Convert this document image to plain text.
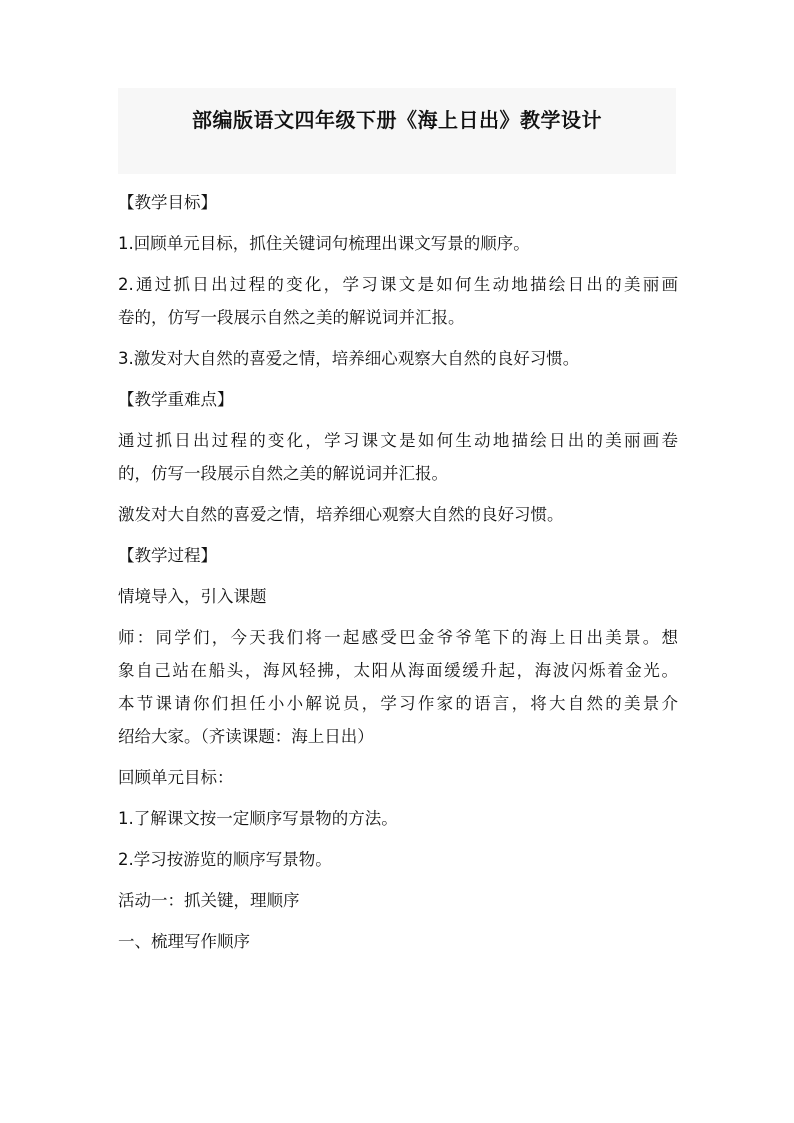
部编版语文四年级下册《海上日出》教学设计

【教学目标】

1.回顾单元目标，抓住关键词句梳理出课文写景的顺序。

2.通过抓日出过程的变化，学习课文是如何生动地描绘日出的美丽画
卷的，仿写一段展示自然之美的解说词并汇报。

3.激发对大自然的喜爱之情，培养细心观察大自然的良好习惯。

【教学重难点】

通过抓日出过程的变化，学习课文是如何生动地描绘日出的美丽画卷
的，仿写一段展示自然之美的解说词并汇报。

激发对大自然的喜爱之情，培养细心观察大自然的良好习惯。

【教学过程】

情境导入，引入课题

师：同学们，今天我们将一起感受巴金爷爷笔下的海上日出美景。想
象自己站在船头，海风轻拂，太阳从海面缓缓升起，海波闪烁着金光。
本节课请你们担任小小解说员，学习作家的语言，将大自然的美景介
绍给大家。（齐读课题：海上日出）

回顾单元目标：

1.了解课文按一定顺序写景物的方法。

2.学习按游览的顺序写景物。

活动一：抓关键，理顺序

一、梳理写作顺序
